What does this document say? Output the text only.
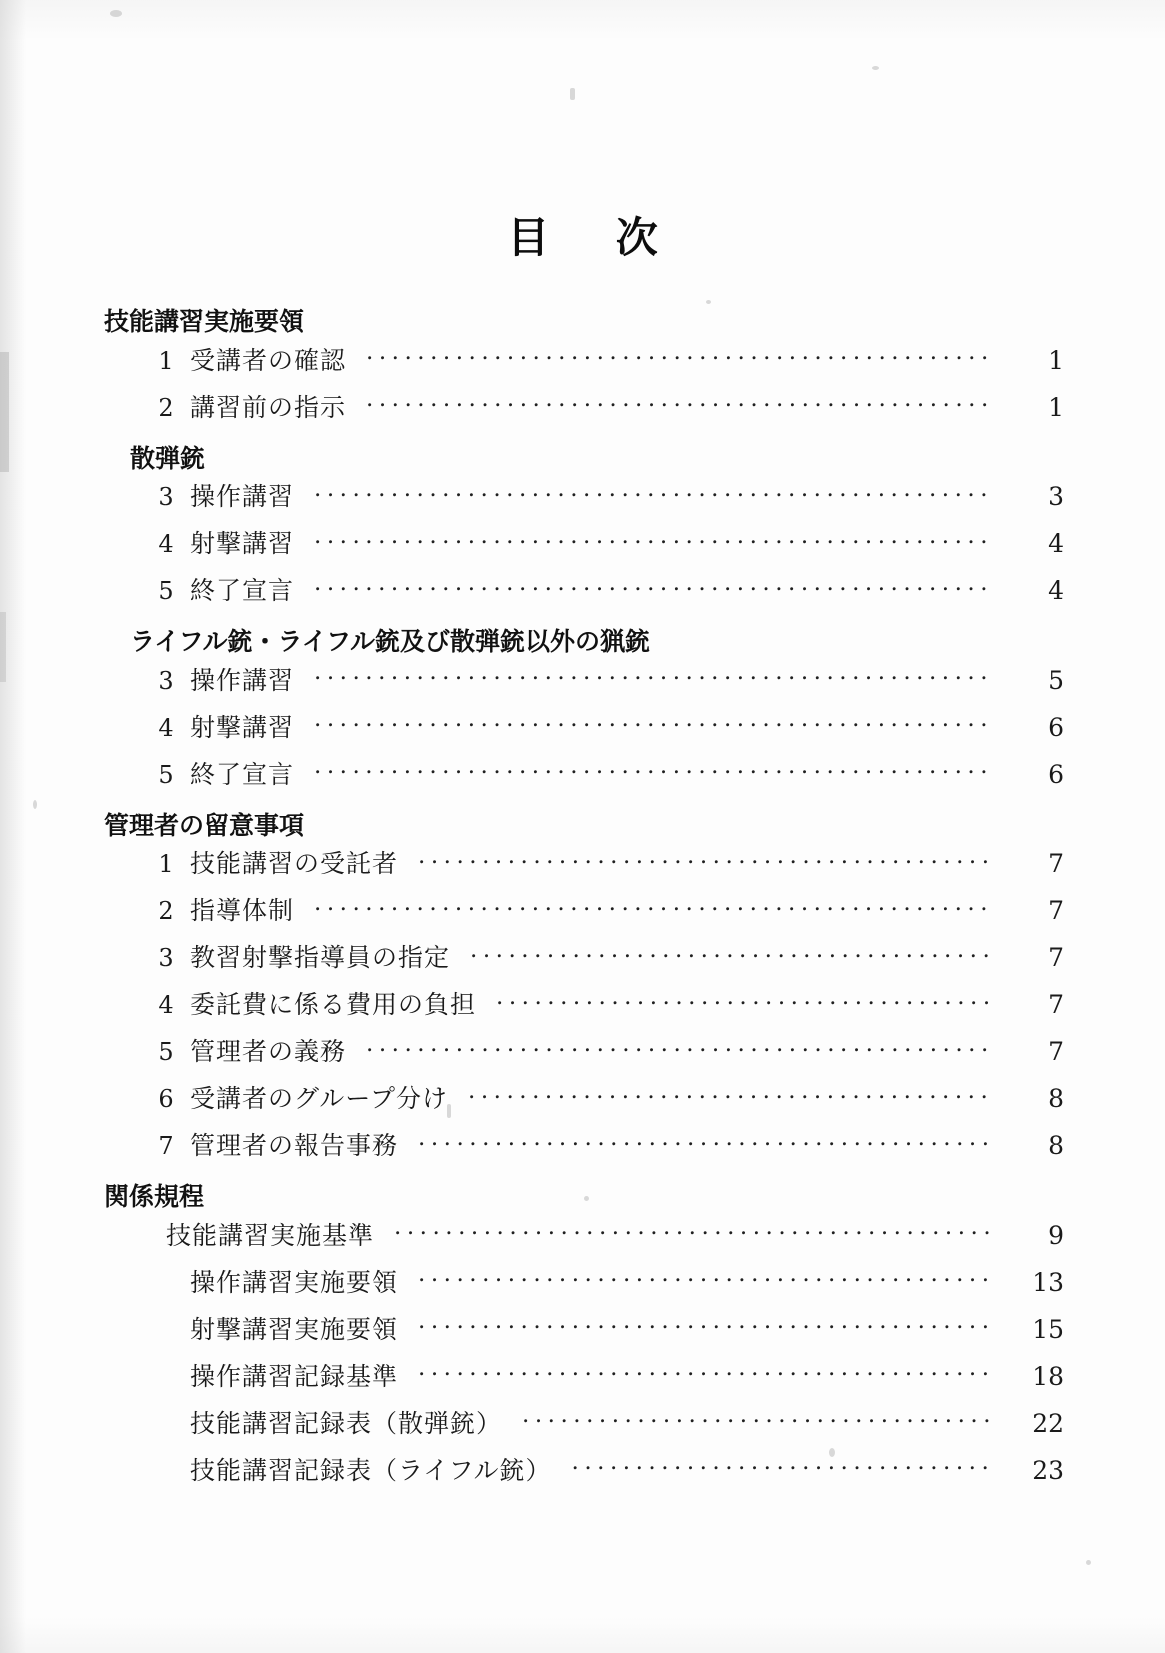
目 次
技能講習実施要領
1 受講者の確認 .....	1
2 講習前の指示 .....	1
散弾銃
3 操作講習 .....	3
4 射撃講習 .....	4
5 終了宣言 .....	4
ライフル銃・ライフル銃及び散弾銃以外の猟銃
3 操作講習 .....	5
4 射撃講習 .....	6
5 終了宣言 .....	6
管理者の留意事項
1 技能講習の受託者 .....	7
2 指導体制 .....	7
3 教習射撃指導員の指定 .....	7
4 委託費に係る費用の負担 .....	7
5 管理者の義務 .....	7
6 受講者のグループ分け .....	8
7 管理者の報告事務 .....	8
関係規程
技能講習実施基準 .....	9
操作講習実施要領 .....	13
射撃講習実施要領 .....	15
操作講習記録基準 .....	18
技能講習記録表（散弾銃） .....	22
技能講習記録表（ライフル銃） .....	23
